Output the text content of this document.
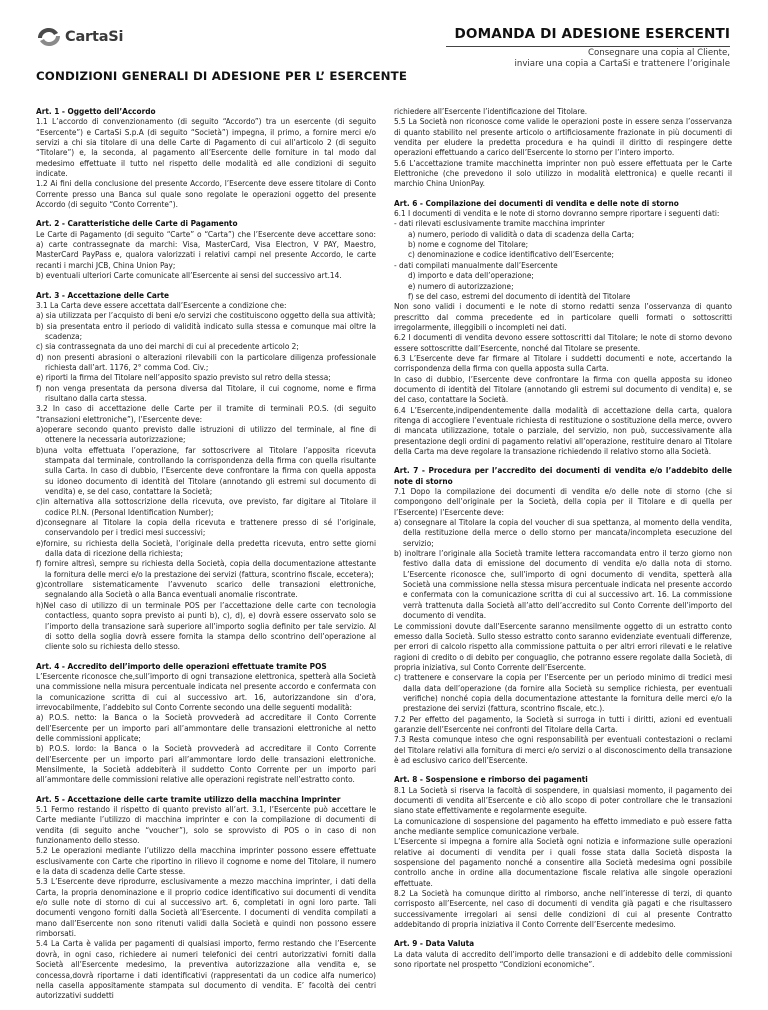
CartaSi	DOMANDA DI ADESIONE ESERCENTI
Consegnare una copia al Cliente,
inviare una copia a CartaSi e trattenere l’originale
CONDIZIONI GENERALI DI ADESIONE PER L’ ESERCENTE
Art. 1 - Oggetto dell’Accordo

1.1 L’accordo di convenzionamento (di seguito “Accordo”) tra un esercente (di seguito “Esercente”) e CartaSi S.p.A (di seguito “Società”) impegna, il primo, a fornire merci e/o servizi a chi sia titolare di una delle Carte di Pagamento di cui all’articolo 2 (di seguito “Titolare”) e, la seconda, al pagamento all’Esercente delle forniture in tal modo dal medesimo effettuate il tutto nel rispetto delle modalità ed alle condizioni di seguito indicate.

1.2 Ai fini della conclusione del presente Accordo, l’Esercente deve essere titolare di Conto Corrente presso una Banca sul quale sono regolate le operazioni oggetto del presente Accordo (di seguito “Conto Corrente”).

Art. 2 - Caratteristiche delle Carte di Pagamento

Le Carte di Pagamento (di seguito “Carte” o “Carta”) che l’Esercente deve accettare sono: a) carte contrassegnate da marchi: Visa, MasterCard, Visa Electron, V PAY, Maestro, MasterCard PayPass e, qualora valorizzati i relativi campi nel presente Accordo, le carte recanti i marchi JCB, China Union Pay;

b) eventuali ulteriori Carte comunicate all’Esercente ai sensi del successivo art.14.

Art. 3 - Accettazione delle Carte

3.1 La Carta deve essere accettata dall’Esercente a condizione che:

a) sia utilizzata per l’acquisto di beni e/o servizi che costituiscono oggetto della sua attività;

b) sia presentata entro il periodo di validità indicato sulla stessa e comunque mai oltre la scadenza;

c) sia contrassegnata da uno dei marchi di cui al precedente articolo 2;

d) non presenti abrasioni o alterazioni rilevabili con la particolare diligenza professionale richiesta dall’art. 1176, 2° comma Cod. Civ.;

e) riporti la firma del Titolare nell’apposito spazio previsto sul retro della stessa;

f) non venga presentata da persona diversa dal Titolare, il cui cognome, nome e firma risultano dalla carta stessa.

3.2 In caso di accettazione delle Carte per il tramite di terminali P.O.S. (di seguito “transazioni elettroniche”), l’Esercente deve:

a)operare secondo quanto previsto dalle istruzioni di utilizzo del terminale, al fine di ottenere la necessaria autorizzazione;

b)una volta effettuata l’operazione, far sottoscrivere al Titolare l’apposita ricevuta stampata dal terminale, controllando la corrispondenza della firma con quella risultante sulla Carta. In caso di dubbio, l’Esercente deve confrontare la firma con quella apposta su idoneo documento di identità del Titolare (annotando gli estremi sul documento di vendita) e, se del caso, contattare la Società;

c)in alternativa alla sottoscrizione della ricevuta, ove previsto, far digitare al Titolare il codice P.I.N. (Personal Identification Number);

d)consegnare al Titolare la copia della ricevuta e trattenere presso di sé l’originale, conservandolo per i tredici mesi successivi;

e)fornire, su richiesta della Società, l’originale della predetta ricevuta, entro sette giorni dalla data di ricezione della richiesta;

f) fornire altresì, sempre su richiesta della Società, copia della documentazione attestante la fornitura delle merci e/o la prestazione dei servizi (fattura, scontrino fiscale, eccetera);

g)controllare sistematicamente l’avvenuto scarico delle transazioni elettroniche, segnalando alla Società o alla Banca eventuali anomalie riscontrate.

h)Nel caso di utilizzo di un terminale POS per l’accettazione delle carte con tecnologia contactless, quanto sopra previsto ai punti b), c), d), e) dovrà essere osservato solo se l’importo della transazione sarà superiore all’importo soglia definito per tale servizio. Al di sotto della soglia dovrà essere fornita la stampa dello scontrino dell’operazione al cliente solo su richiesta dello stesso.

Art. 4 - Accredito dell’importo delle operazioni effettuate tramite POS

L’Esercente riconosce che,sull’importo di ogni transazione elettronica, spetterà alla Società una commissione nella misura percentuale indicata nel presente accordo e confermata con la comunicazione scritta di cui al successivo art. 16, autorizzandone sin d’ora, irrevocabilmente, l’addebito sul Conto Corrente secondo una delle seguenti modalità:

a) P.O.S. netto: la Banca o la Società provvederà ad accreditare il Conto Corrente dell’Esercente per un importo pari all’ammontare delle transazioni elettroniche al netto delle commissioni applicate;

b) P.O.S. lordo: la Banca o la Società provvederà ad accreditare il Conto Corrente dell’Esercente per un importo pari all’ammontare lordo delle transazioni elettroniche. Mensilmente, la Società addebiterà il suddetto Conto Corrente per un importo pari all’ammontare delle commissioni relative alle operazioni registrate nell’estratto conto.

Art. 5 - Accettazione delle carte tramite utilizzo della macchina Imprinter

5.1 Fermo restando il rispetto di quanto previsto all’art. 3.1, l’Esercente può accettare le Carte mediante l’utilizzo di macchina imprinter e con la compilazione di documenti di vendita (di seguito anche “voucher”), solo se sprovvisto di POS o in caso di non funzionamento dello stesso.

5.2 Le operazioni mediante l’utilizzo della macchina imprinter possono essere effettuate esclusivamente con Carte che riportino in rilievo il cognome e nome del Titolare, il numero e la data di scadenza delle Carte stesse.

5.3 L’Esercente deve riprodurre, esclusivamente a mezzo macchina imprinter, i dati della Carta, la propria denominazione e il proprio codice identificativo sui documenti di vendita e/o sulle note di storno di cui al successivo art. 6, completati in ogni loro parte. Tali documenti vengono forniti dalla Società all’Esercente. I documenti di vendita compilati a mano dall’Esercente non sono ritenuti validi dalla Società e quindi non possono essere rimborsati.

5.4 La Carta è valida per pagamenti di qualsiasi importo, fermo restando che l’Esercente dovrà, in ogni caso, richiedere ai numeri telefonici dei centri autorizzativi forniti dalla Società all’Esercente medesimo, la preventiva autorizzazione alla vendita e, se concessa,dovrà riportarne i dati identificativi (rappresentati da un codice alfa numerico) nella casella appositamente stampata sul documento di vendita. E’ facoltà dei centri autorizzativi suddetti

richiedere all’Esercente l’identificazione del Titolare.

5.5 La Società non riconosce come valide le operazioni poste in essere senza l’osservanza di quanto stabilito nel presente articolo o artificiosamente frazionate in più documenti di vendita per eludere la predetta procedura e ha quindi il diritto di respingere dette operazioni effettuando a carico dell’Esercente lo storno per l’intero importo.

5.6 L’accettazione tramite macchinetta imprinter non può essere effettuata per le Carte Elettroniche (che prevedono il solo utilizzo in modalità elettronica) e quelle recanti il marchio China UnionPay.

Art. 6 - Compilazione dei documenti di vendita e delle note di storno

6.1 I documenti di vendita e le note di storno dovranno sempre riportare i seguenti dati:

- dati rilevati esclusivamente tramite macchina imprinter

a) numero, periodo di validità o data di scadenza della Carta;

b) nome e cognome del Titolare;

c) denominazione e codice identificativo dell’Esercente;

- dati compilati manualmente dall’Esercente

d) importo e data dell’operazione;

e) numero di autorizzazione;

f) se del caso, estremi del documento di identità del Titolare

Non sono validi i documenti e le note di storno redatti senza l’osservanza di quanto prescritto dal comma precedente ed in particolare quelli formati o sottoscritti irregolarmente, illeggibili o incompleti nei dati.

6.2 I documenti di vendita devono essere sottoscritti dal Titolare; le note di storno devono essere sottoscritte dall’Esercente, nonché dal Titolare se presente.

6.3 L’Esercente deve far firmare al Titolare i suddetti documenti e note, accertando la corrispondenza della firma con quella apposta sulla Carta.

In caso di dubbio, l’Esercente deve confrontare la firma con quella apposta su idoneo documento di identità del Titolare (annotando gli estremi sul documento di vendita) e, se del caso, contattare la Società.

6.4 L’Esercente,indipendentemente dalla modalità di accettazione della carta, qualora ritenga di accogliere l’eventuale richiesta di restituzione o sostituzione della merce, ovvero di mancata utilizzazione, totale o parziale, del servizio, non può, successivamente alla presentazione degli ordini di pagamento relativi all’operazione, restituire denaro al Titolare della Carta ma deve regolare la transazione richiedendo il relativo storno alla Società.

Art. 7 - Procedura per l’accredito dei documenti di vendita e/o l’addebito delle note di storno

7.1 Dopo la compilazione dei documenti di vendita e/o delle note di storno (che si compongono dell’originale per la Società, della copia per il Titolare e di quella per l’Esercente) l’Esercente deve:

a) consegnare al Titolare la copia del voucher di sua spettanza, al momento della vendita, della restituzione della merce o dello storno per mancata/incompleta esecuzione del servizio;

b) inoltrare l’originale alla Società tramite lettera raccomandata entro il terzo giorno non festivo dalla data di emissione del documento di vendita e/o dalla nota di storno. L’Esercente riconosce che, sull’importo di ogni documento di vendita, spetterà alla Società una commissione nella stessa misura percentuale indicata nel presente accordo e confermata con la comunicazione scritta di cui al successivo art. 16. La commissione verrà trattenuta dalla Società all’atto dell’accredito sul Conto Corrente dell’importo del documento di vendita.

Le commissioni dovute dall’Esercente saranno mensilmente oggetto di un estratto conto emesso dalla Società. Sullo stesso estratto conto saranno evidenziate eventuali differenze, per errori di calcolo rispetto alla commissione pattuita o per altri errori rilevati e le relative ragioni di credito o di debito per conguaglio, che potranno essere regolate dalla Società, di propria iniziativa, sul Conto Corrente dell’Esercente.

c) trattenere e conservare la copia per l’Esercente per un periodo minimo di tredici mesi dalla data dell’operazione (da fornire alla Società su semplice richiesta, per eventuali verifiche) nonché copia della documentazione attestante la fornitura delle merci e/o la prestazione dei servizi (fattura, scontrino fiscale, etc.).

7.2 Per effetto del pagamento, la Società si surroga in tutti i diritti, azioni ed eventuali garanzie dell’Esercente nei confronti del Titolare della Carta.

7.3 Resta comunque inteso che ogni responsabilità per eventuali contestazioni o reclami del Titolare relativi alla fornitura di merci e/o servizi o al disconoscimento della transazione è ad esclusivo carico dell’Esercente.

Art. 8 - Sospensione e rimborso dei pagamenti

8.1 La Società si riserva la facoltà di sospendere, in qualsiasi momento, il pagamento dei documenti di vendita all’Esercente e ciò allo scopo di poter controllare che le transazioni siano state effettivamente e regolarmente eseguite.

La comunicazione di sospensione del pagamento ha effetto immediato e può essere fatta anche mediante semplice comunicazione verbale.

L’Esercente si impegna a fornire alla Società ogni notizia e informazione sulle operazioni relative ai documenti di vendita per i quali fosse stata dalla Società disposta la sospensione del pagamento nonché a consentire alla Società medesima ogni possibile controllo anche in ordine alla documentazione fiscale relativa alle singole operazioni effettuate.

8.2 La Società ha comunque diritto al rimborso, anche nell’interesse di terzi, di quanto corrisposto all’Esercente, nel caso di documenti di vendita già pagati e che risultassero successivamente irregolari ai sensi delle condizioni di cui al presente Contratto addebitando di propria iniziativa il Conto Corrente dell’Esercente medesimo.

Art. 9 - Data Valuta

La data valuta di accredito dell’importo delle transazioni e di addebito delle commissioni sono riportate nel prospetto “Condizioni economiche”.
